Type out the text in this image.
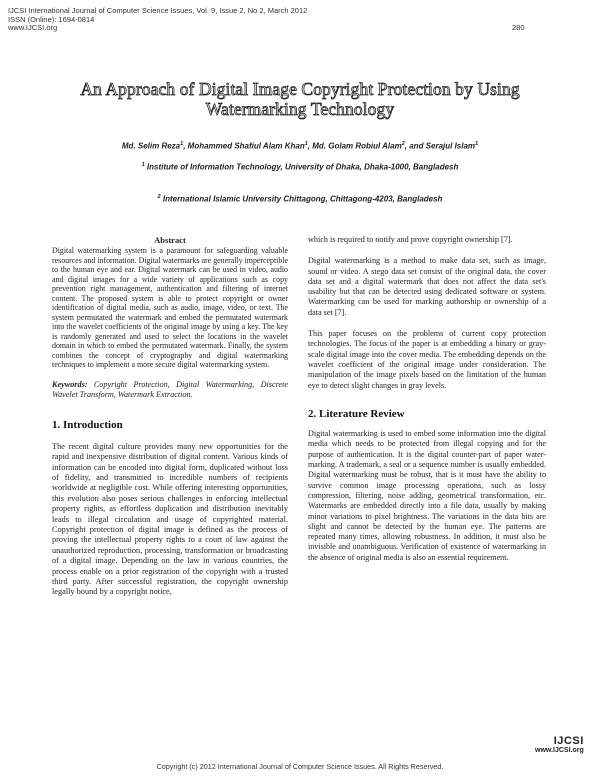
IJCSI International Journal of Computer Science Issues, Vol. 9, Issue 2, No 2, March 2012
ISSN (Online): 1694-0814
www.IJCSI.org	280
An Approach of Digital Image Copyright Protection by Using
Watermarking Technology
Md. Selim Reza$^1$, Mohammed Shafiul Alam Khan$^1$, Md. Golam Robiul Alam$^2$, and Serajul Islam$^1$
$^1$ Institute of Information Technology, University of Dhaka, Dhaka-1000, Bangladesh
$^2$ International Islamic University Chittagong, Chittagong-4203, Bangladesh
Abstract

Digital watermarking system is a paramount for safeguarding valuable resources and information. Digital watermarks are generally imperceptible to the human eye and ear. Digital watermark can be used in video, audio and digital images for a wide variety of applications such as copy prevention right management, authentication and filtering of internet content. The proposed system is able to protect copyright or owner identification of digital media, such as audio, image, video, or text. The system permutated the watermark and embed the permutated watermark into the wavelet coefficients of the original image by using a key. The key is randomly generated and used to select the locations in the wavelet domain in which to embed the permutated watermark. Finally, the system combines the concept of cryptography and digital watermarking techniques to implement a more secure digital watermarking system.

Keywords: Copyright Protection, Digital Watermarking, Discrete Wavelet Transform, Watermark Extraction.

1. Introduction

The recent digital culture provides many new opportunities for the rapid and inexpensive distribution of digital content. Various kinds of information can be encoded into digital form, duplicated without loss of fidelity, and transmitted to incredible numbers of recipients worldwide at negligible cost. While offering interesting opportunities, this evolution also poses serious challenges in enforcing intellectual property rights, as effortless duplication and distribution inevitably leads to illegal circulation and usage of copyrighted material. Copyright protection of digital image is defined as the process of proving the intellectual property rights to a court of law against the unauthorized reproduction, processing, transformation or broadcasting of a digital image. Depending on the law in various countries, the process enable on a prior registration of the copyright with a trusted third party. After successful registration, the copyright ownership legally bound by a copyright notice,

which is required to notify and prove copyright ownership [7].

Digital watermarking is a method to make data set, such as image, sound or video. A stego data set consist of the original data, the cover data set and a digital watermark that does not affect the data set's usability but that can be detected using dedicated software or system. Watermarking can be used for marking authorship or ownership of a data set [7].

This paper focuses on the problems of current copy protection technologies. The focus of the paper is at embedding a binary or gray-scale digital image into the cover media. The embedding depends on the wavelet coefficient of the original image under consideration. The manipulation of the image pixels based on the limitation of the human eye to detect slight changes in gray levels.

2. Literature Review

Digital watermarking is used to embed some information into the digital media which needs to be protected from illegal copying and for the purpose of authentication. It is the digital counter-part of paper water-marking. A trademark, a seal or a sequence number is usually embedded. Digital watermarking must be robust, that is it must have the ability to survive common image processing operations, such as lossy compression, filtering, noise adding, geometrical transformation, etc. Watermarks are embedded directly into a file data, usually by making minor variations to pixel brightness. The variations in the data bits are slight and cannot be detected by the human eye. The patterns are repeated many times, allowing robustness. In addition, it must also be invisible and unambiguous. Verification of existence of watermarking in the absence of original media is also an essential requirement.

IJCSI
www.IJCSI.org
Copyright (c) 2012 International Journal of Computer Science Issues. All Rights Reserved.
